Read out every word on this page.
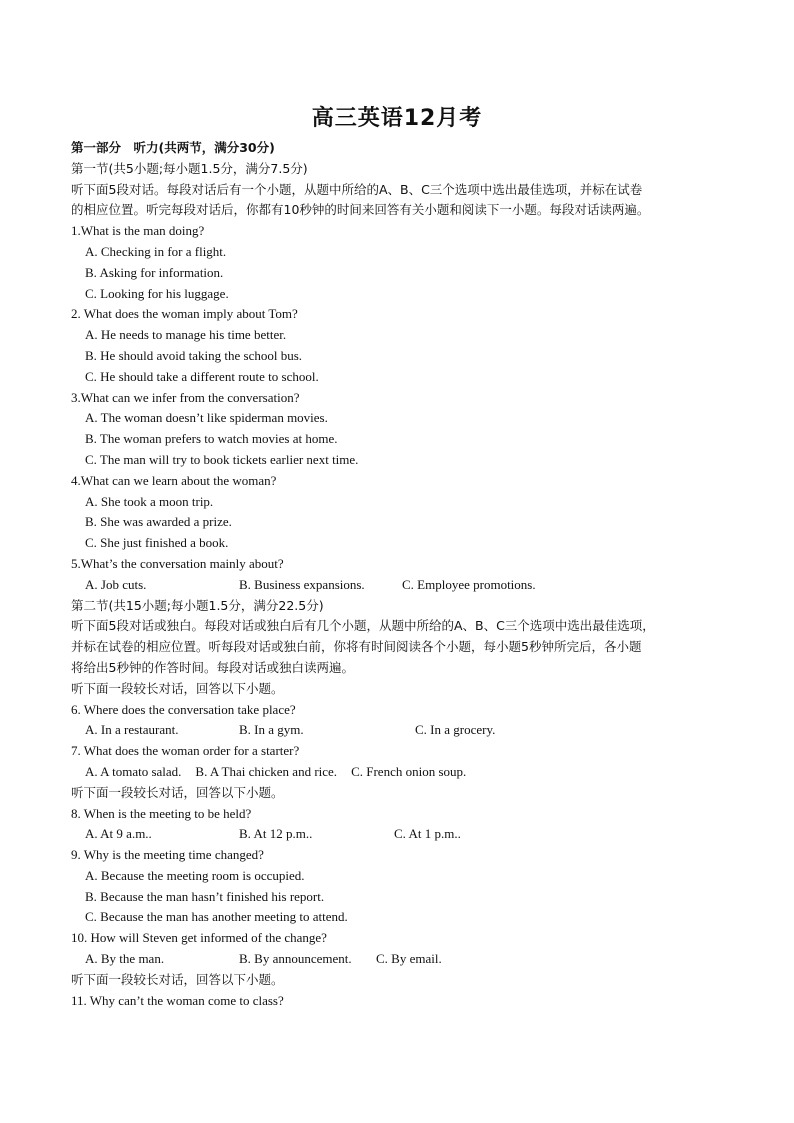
高三英语12月考
第一部分　听力(共两节，满分30分)
第一节(共5小题;每小题1.5分，满分7.5分)
听下面5段对话。每段对话后有一个小题，从题中所给的A、B、C三个选项中选出最佳选项，并标在试卷
的相应位置。听完每段对话后，你都有10秒钟的时间来回答有关小题和阅读下一小题。每段对话读两遍。
1.What is the man doing?
A. Checking in for a flight.
B. Asking for information.
C. Looking for his luggage.
2. What does the woman imply about Tom?
A. He needs to manage his time better.
B. He should avoid taking the school bus.
C. He should take a different route to school.
3.What can we infer from the conversation?
A. The woman doesn’t like spiderman movies.
B. The woman prefers to watch movies at home.
C. The man will try to book tickets earlier next time.
4.What can we learn about the woman?
A. She took a moon trip.
B. She was awarded a prize.
C. She just finished a book.
5.What’s the conversation mainly about?
A. Job cuts.	B. Business expansions.	C. Employee promotions.
第二节(共15小题;每小题1.5分，满分22.5分)
听下面5段对话或独白。每段对话或独白后有几个小题，从题中所给的A、B、C三个选项中选出最佳选项，
并标在试卷的相应位置。听每段对话或独白前，你将有时间阅读各个小题，每小题5秒钟所完后，各小题
将给出5秒钟的作答时间。每段对话或独白读两遍。
听下面一段较长对话，回答以下小题。
6. Where does the conversation take place?
A. In a restaurant.	B. In a gym.	C. In a grocery.
7. What does the woman order for a starter?
A. A tomato salad. B. A Thai chicken and rice. C. French onion soup.
听下面一段较长对话，回答以下小题。
8. When is the meeting to be held?
A. At 9 a.m..	B. At 12 p.m..	C. At 1 p.m..
9. Why is the meeting time changed?
A. Because the meeting room is occupied.
B. Because the man hasn’t finished his report.
C. Because the man has another meeting to attend.
10. How will Steven get informed of the change?
A. By the man.	B. By announcement.	C. By email.
听下面一段较长对话，回答以下小题。
11. Why can’t the woman come to class?
